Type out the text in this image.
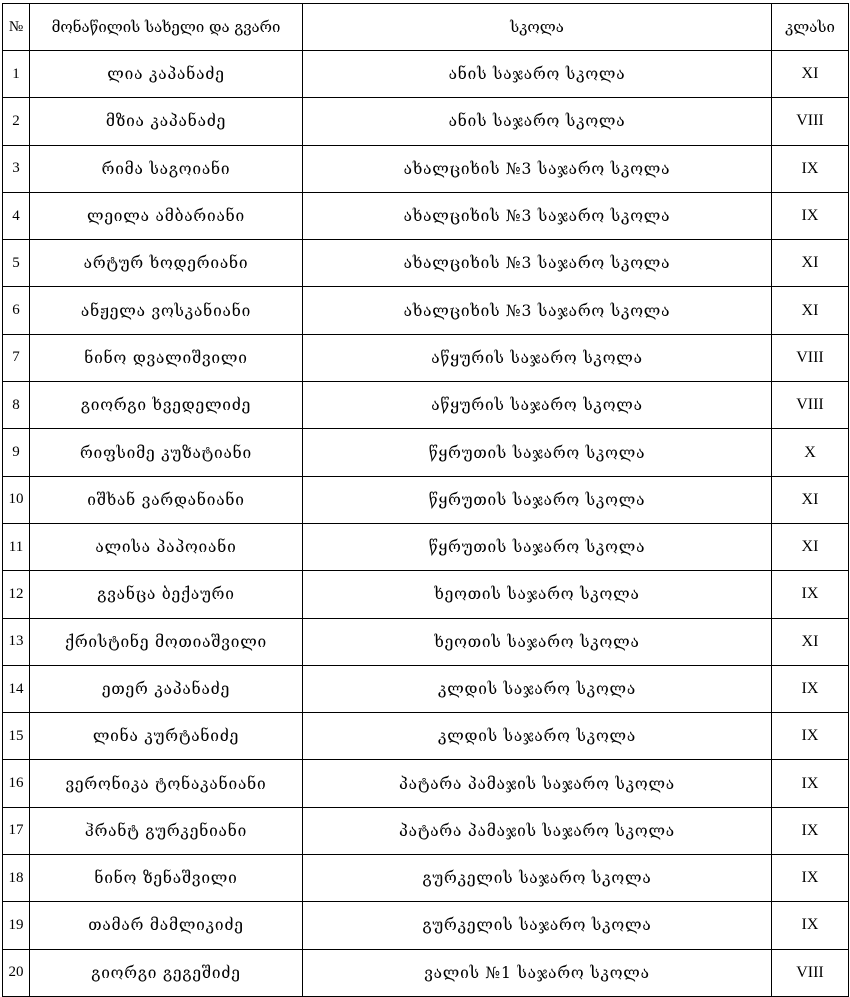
№	მონაწილის სახელი და გვარი	სკოლა	კლასი
1	ლია კაპანაძე	ანის საჯარო სკოლა	XI
2	მზია კაპანაძე	ანის საჯარო სკოლა	VIII
3	რიმა საგოიანი	ახალციხის №3 საჯარო სკოლა	IX
4	ლეილა ამბარიანი	ახალციხის №3 საჯარო სკოლა	IX
5	არტურ ხოდერიანი	ახალციხის №3 საჯარო სკოლა	XI
6	ანჟელა ვოსკანიანი	ახალციხის №3 საჯარო სკოლა	XI
7	ნინო დვალიშვილი	აწყურის საჯარო სკოლა	VIII
8	გიორგი ხვედელიძე	აწყურის საჯარო სკოლა	VIII
9	რიფსიმე კუზატიანი	წყრუთის საჯარო სკოლა	X
10	იშხან ვარდანიანი	წყრუთის საჯარო სკოლა	XI
11	ალისა პაპოიანი	წყრუთის საჯარო სკოლა	XI
12	გვანცა ბექაური	ხეოთის საჯარო სკოლა	IX
13	ქრისტინე მოთიაშვილი	ხეოთის საჯარო სკოლა	XI
14	ეთერ კაპანაძე	კლდის საჯარო სკოლა	IX
15	ლინა კურტანიძე	კლდის საჯარო სკოლა	IX
16	ვერონიკა ტონაკანიანი	პატარა პამაჯის საჯარო სკოლა	IX
17	ჰრანტ გურკენიანი	პატარა პამაჯის საჯარო სკოლა	IX
18	ნინო ზენაშვილი	გურკელის საჯარო სკოლა	IX
19	თამარ მამლიკიძე	გურკელის საჯარო სკოლა	IX
20	გიორგი გეგეშიძე	ვალის №1 საჯარო სკოლა	VIII
